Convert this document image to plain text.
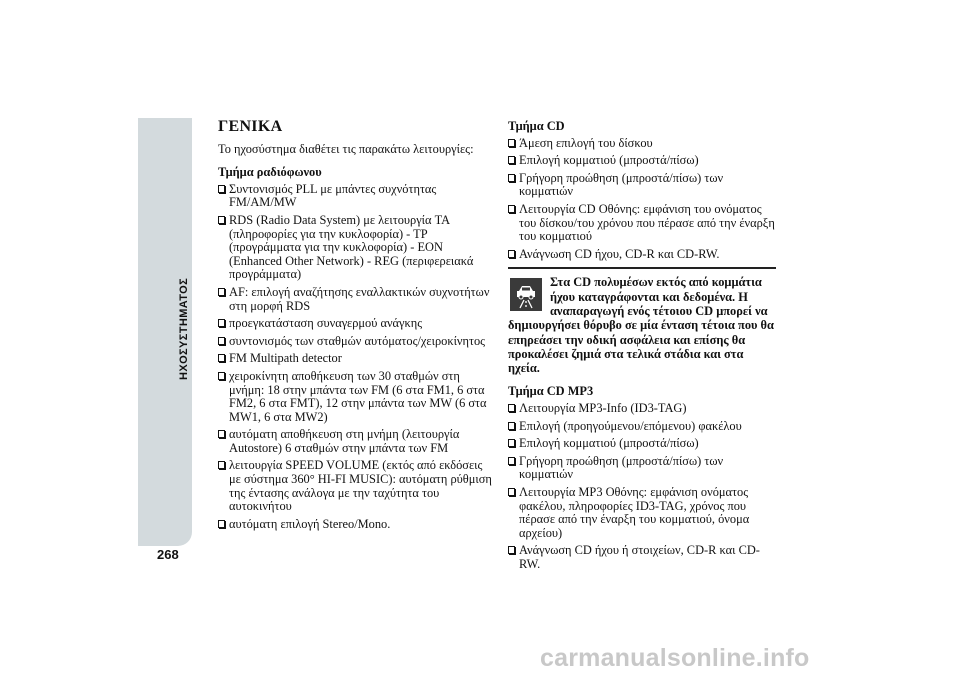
268
ΓΕΝΙΚΑ
Το ηχοσύστημα διαθέτει τις παρακάτω λειτουργίες:
Τμήμα ραδιόφωνου
Συντονισμός PLL με μπάντες συχνότητας FM/AM/MW
RDS (Radio Data System) με λειτουργία TA (πληροφορίες για την κυκλοφορία) - TP (προγράμματα για την κυκλοφορία) - EON (Enhanced Other Network) - REG (περιφερειακά προγράμματα)
AF: επιλογή αναζήτησης εναλλακτικών συχνοτήτων στη μορφή RDS
προεγκατάσταση συναγερμού ανάγκης
συντονισμός των σταθμών αυτόματος/χειροκίνητος
FM Multipath detector
χειροκίνητη αποθήκευση των 30 σταθμών στη μνήμη: 18 στην μπάντα των FM (6 στα FM1, 6 στα FM2, 6 στα FMT), 12 στην μπάντα των MW (6 στα MW1, 6 στα MW2)
αυτόματη αποθήκευση στη μνήμη (λειτουργία Autostore) 6 σταθμών στην μπάντα των FM
λειτουργία SPEED VOLUME (εκτός από εκδόσεις με σύστημα 360° HI-FI MUSIC): αυτόματη ρύθμιση της έντασης ανάλογα με την ταχύτητα του αυτοκινήτου
αυτόματη επιλογή Stereo/Mono.
Τμήμα CD
Άμεση επιλογή του δίσκου
Επιλογή κομματιού (μπροστά/πίσω)
Γρήγορη προώθηση (μπροστά/πίσω) των κομματιών
Λειτουργία CD Οθόνης: εμφάνιση του ονόματος του δίσκου/του χρόνου που πέρασε από την έναρξη του κομματιού
Ανάγνωση CD ήχου, CD-R και CD-RW.
Στα CD πολυμέσων εκτός από κομμάτια ήχου καταγράφονται και δεδομένα. Η αναπαραγωγή ενός τέτοιου CD μπορεί να δημιουργήσει θόρυβο σε μία ένταση τέτοια που θα επηρεάσει την οδική ασφάλεια και επίσης θα προκαλέσει ζημιά στα τελικά στάδια και στα ηχεία.
Τμήμα CD MP3
Λειτουργία MP3-Info (ID3-TAG)
Επιλογή (προηγούμενου/επόμενου) φακέλου
Επιλογή κομματιού (μπροστά/πίσω)
Γρήγορη προώθηση (μπροστά/πίσω) των κομματιών
Λειτουργία MP3 Οθόνης: εμφάνιση ονόματος φακέλου, πληροφορίες ID3-TAG, χρόνος που πέρασε από την έναρξη του κομματιού, όνομα αρχείου)
Ανάγνωση CD ήχου ή στοιχείων, CD-R και CD-RW.
carmanualsonline.info
